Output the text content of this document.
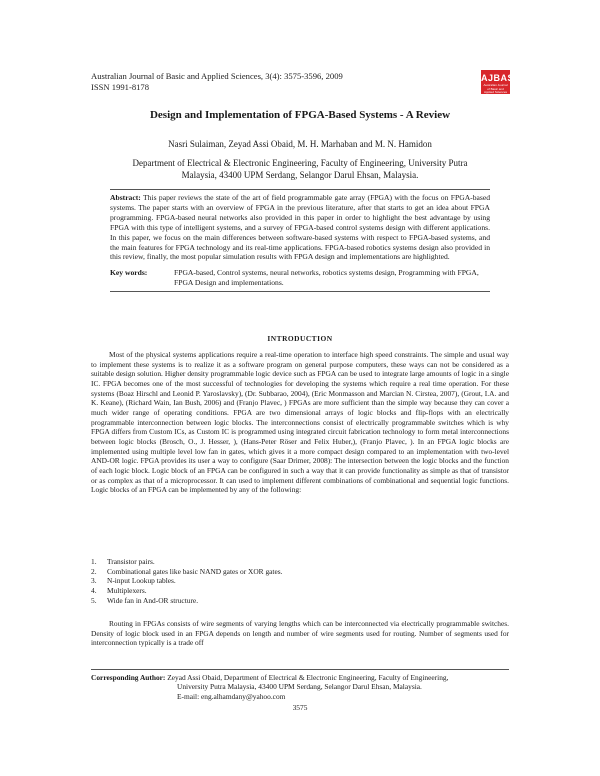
Australian Journal of Basic and Applied Sciences, 3(4): 3575-3596, 2009
ISSN 1991-8178
AJBAS
Australian Journal of Basic and Applied Sciences
Design and Implementation of FPGA-Based Systems - A Review
Nasri Sulaiman, Zeyad Assi Obaid, M. H. Marhaban and M. N. Hamidon
Department of Electrical & Electronic Engineering, Faculty of Engineering, University Putra
Malaysia, 43400 UPM Serdang, Selangor Darul Ehsan, Malaysia.
Abstract: This paper reviews the state of the art of field programmable gate array (FPGA) with the focus on FPGA-based systems. The paper starts with an overview of FPGA in the previous literature, after that starts to get an idea about FPGA programming. FPGA-based neural networks also provided in this paper in order to highlight the best advantage by using FPGA with this type of intelligent systems, and a survey of FPGA-based control systems design with different applications. In this paper, we focus on the main differences between software-based systems with respect to FPGA-based systems, and the main features for FPGA technology and its real-time applications. FPGA-based robotics systems design also provided in this review, finally, the most popular simulation results with FPGA design and implementations are highlighted.
Key words:	FPGA-based, Control systems, neural networks, robotics systems design, Programming with FPGA, FPGA Design and implementations.
INTRODUCTION
Most of the physical systems applications require a real-time operation to interface high speed constraints. The simple and usual way to implement these systems is to realize it as a software program on general purpose computers, these ways can not be considered as a suitable design solution. Higher density programmable logic device such as FPGA can be used to integrate large amounts of logic in a single IC. FPGA becomes one of the most successful of technologies for developing the systems which require a real time operation. For these systems (Boaz Hirschl and Leonid P. Yaroslavsky), (Dr. Subbarao, 2004), (Eric Monmasson and Marcian N. Cirstea, 2007), (Grout, I.A. and K. Keane), (Richard Wain, Ian Bush, 2006) and (Franjo Plavec, ) FPGAs are more sufficient than the simple way because they can cover a much wider range of operating conditions. FPGA are two dimensional arrays of logic blocks and flip-flops with an electrically programmable interconnection between logic blocks. The interconnections consist of electrically programmable switches which is why FPGA differs from Custom ICs, as Custom IC is programmed using integrated circuit fabrication technology to form metal interconnections between logic blocks (Brosch, O., J. Hesser, ), (Hans-Peter Röser and Felix Huber,), (Franjo Plavec, ). In an FPGA logic blocks are implemented using multiple level low fan in gates, which gives it a more compact design compared to an implementation with two-level AND-OR logic. FPGA provides its user a way to configure (Saar Drimer, 2008): The intersection between the logic blocks and the function of each logic block. Logic block of an FPGA can be configured in such a way that it can provide functionality as simple as that of transistor or as complex as that of a microprocessor. It can used to implement different combinations of combinational and sequential logic functions. Logic blocks of an FPGA can be implemented by any of the following:
1. Transistor pairs.
2. Combinational gates like basic NAND gates or XOR gates.
3. N-input Lookup tables.
4. Multiplexers.
5. Wide fan in And-OR structure.
Routing in FPGAs consists of wire segments of varying lengths which can be interconnected via electrically programmable switches. Density of logic block used in an FPGA depends on length and number of wire segments used for routing. Number of segments used for interconnection typically is a trade off
Corresponding Author: Zeyad Assi Obaid, Department of Electrical & Electronic Engineering, Faculty of Engineering,
University Putra Malaysia, 43400 UPM Serdang, Selangor Darul Ehsan, Malaysia.
E-mail: eng.alhamdany@yahoo.com
3575
